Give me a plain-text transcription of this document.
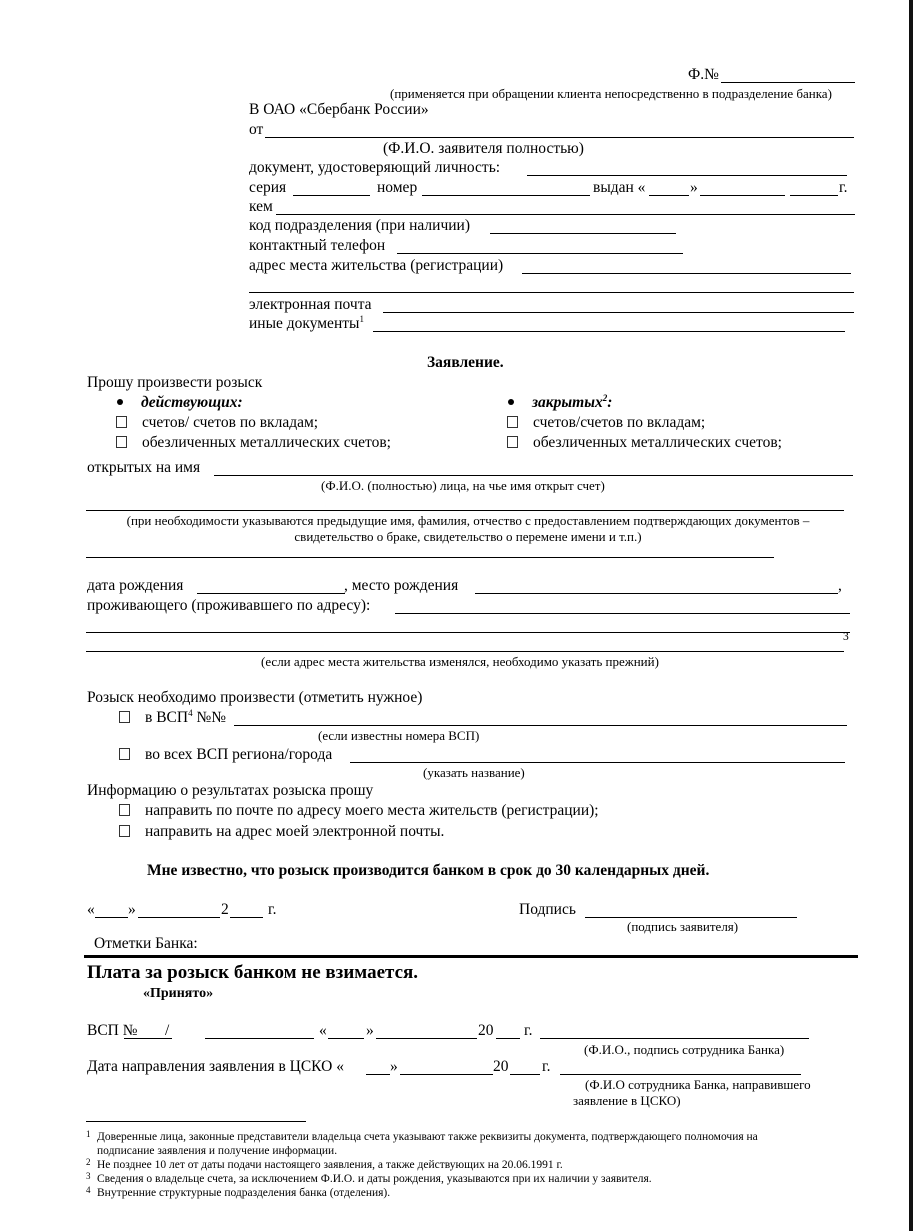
Ф.№
(применяется при обращении клиента непосредственно в подразделение банка)
В ОАО «Сбербанк России»
от
(Ф.И.О. заявителя полностью)
документ, удостоверяющий личность:
серия	номер	выдан «	»	г.
кем
код подразделения (при наличии)
контактный телефон
адрес места жительства (регистрации)
электронная почта
иные документы$^1$
Заявление.
Прошу произвести розыск
действующих:
счетов/ счетов по вкладам;
обезличенных металлических счетов;
закрытых$^2$:
счетов/счетов по вкладам;
обезличенных металлических счетов;
открытых на имя
(Ф.И.О. (полностью) лица, на чье имя открыт счет)
(при необходимости указываются предыдущие имя, фамилия, отчество с предоставлением подтверждающих документов –
свидетельство о браке, свидетельство о перемене имени и т.п.)
дата рождения	, место рождения	,
проживающего (проживавшего по адресу):
3
(если адрес места жительства изменялся, необходимо указать прежний)
Розыск необходимо произвести (отметить нужное)
в ВСП$^4$ №№
(если известны номера ВСП)
во всех ВСП региона/города
(указать название)
Информацию о результатах розыска прошу
направить по почте по адресу моего места жительств (регистрации);
направить на адрес моей электронной почты.
Мне известно, что розыск производится банком в срок до 30 календарных дней.
« »	2	г.	Подпись
(подпись заявителя)
Отметки Банка:
Плата за розыск банком не взимается.
«Принято»
ВСП № /	«	»	20 г.
(Ф.И.О., подпись сотрудника Банка)
Дата направления заявления в ЦСКО «	»	20 г.
(Ф.И.О сотрудника Банка, направившего
заявление в ЦСКО)
1 Доверенные лица, законные представители владельца счета указывают также реквизиты документа, подтверждающего полномочия на
подписание заявления и получение информации.
2 Не позднее 10 лет от даты подачи настоящего заявления, а также действующих на 20.06.1991 г.
3 Сведения о владельце счета, за исключением Ф.И.О. и даты рождения, указываются при их наличии у заявителя.
4 Внутренние структурные подразделения банка (отделения).
